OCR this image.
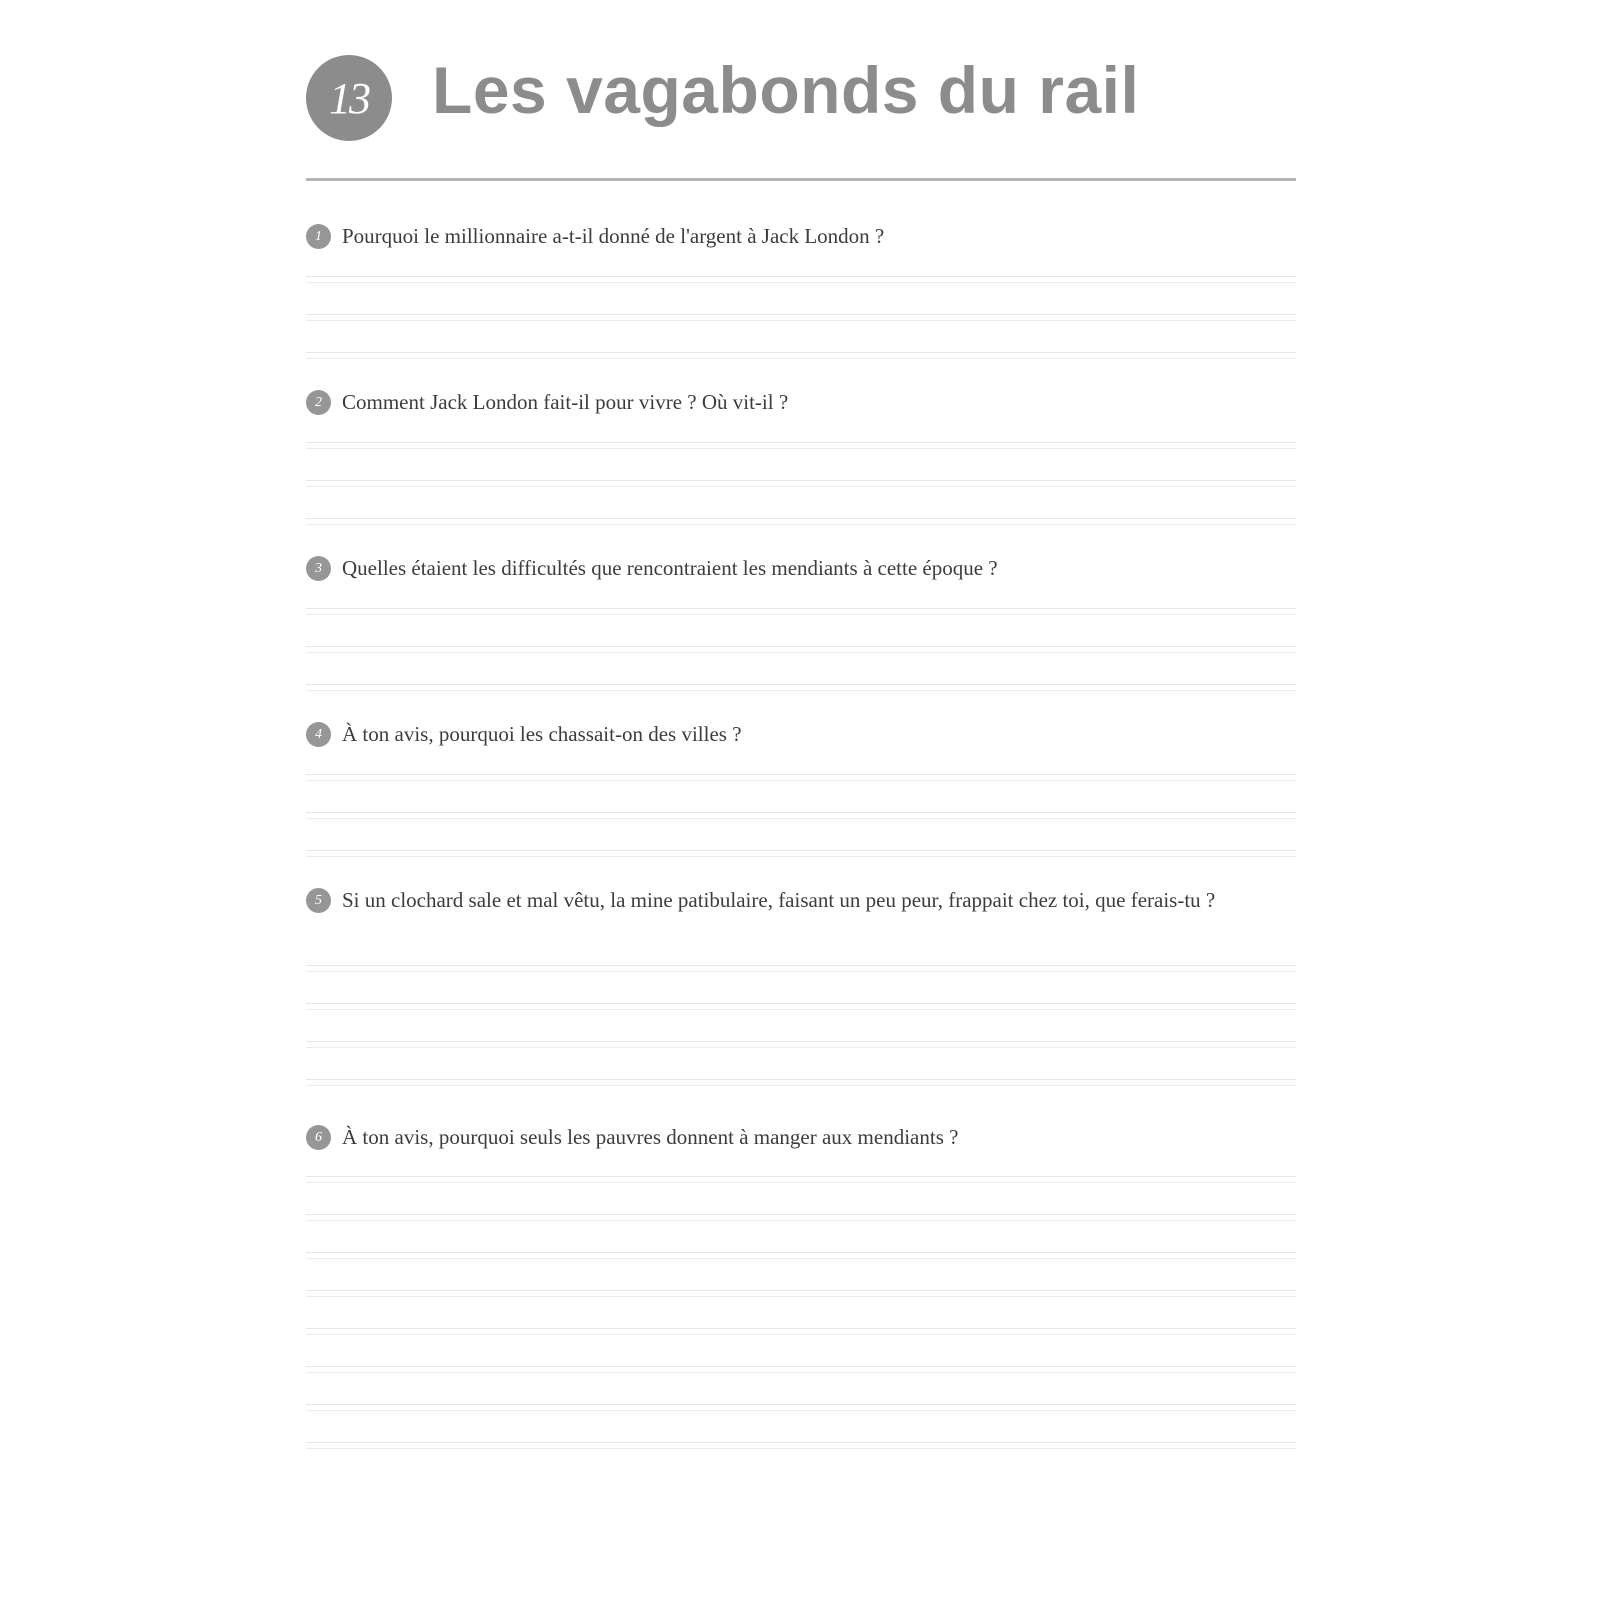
13 Les vagabonds du rail
1 Pourquoi le millionnaire a-t-il donné de l'argent à Jack London ?
2 Comment Jack London fait-il pour vivre ? Où vit-il ?
3 Quelles étaient les difficultés que rencontraient les mendiants à cette époque ?
4 À ton avis, pourquoi les chassait-on des villes ?
5 Si un clochard sale et mal vêtu, la mine patibulaire, faisant un peu peur, frappait chez toi, que ferais-tu ?
6 À ton avis, pourquoi seuls les pauvres donnent à manger aux mendiants ?
